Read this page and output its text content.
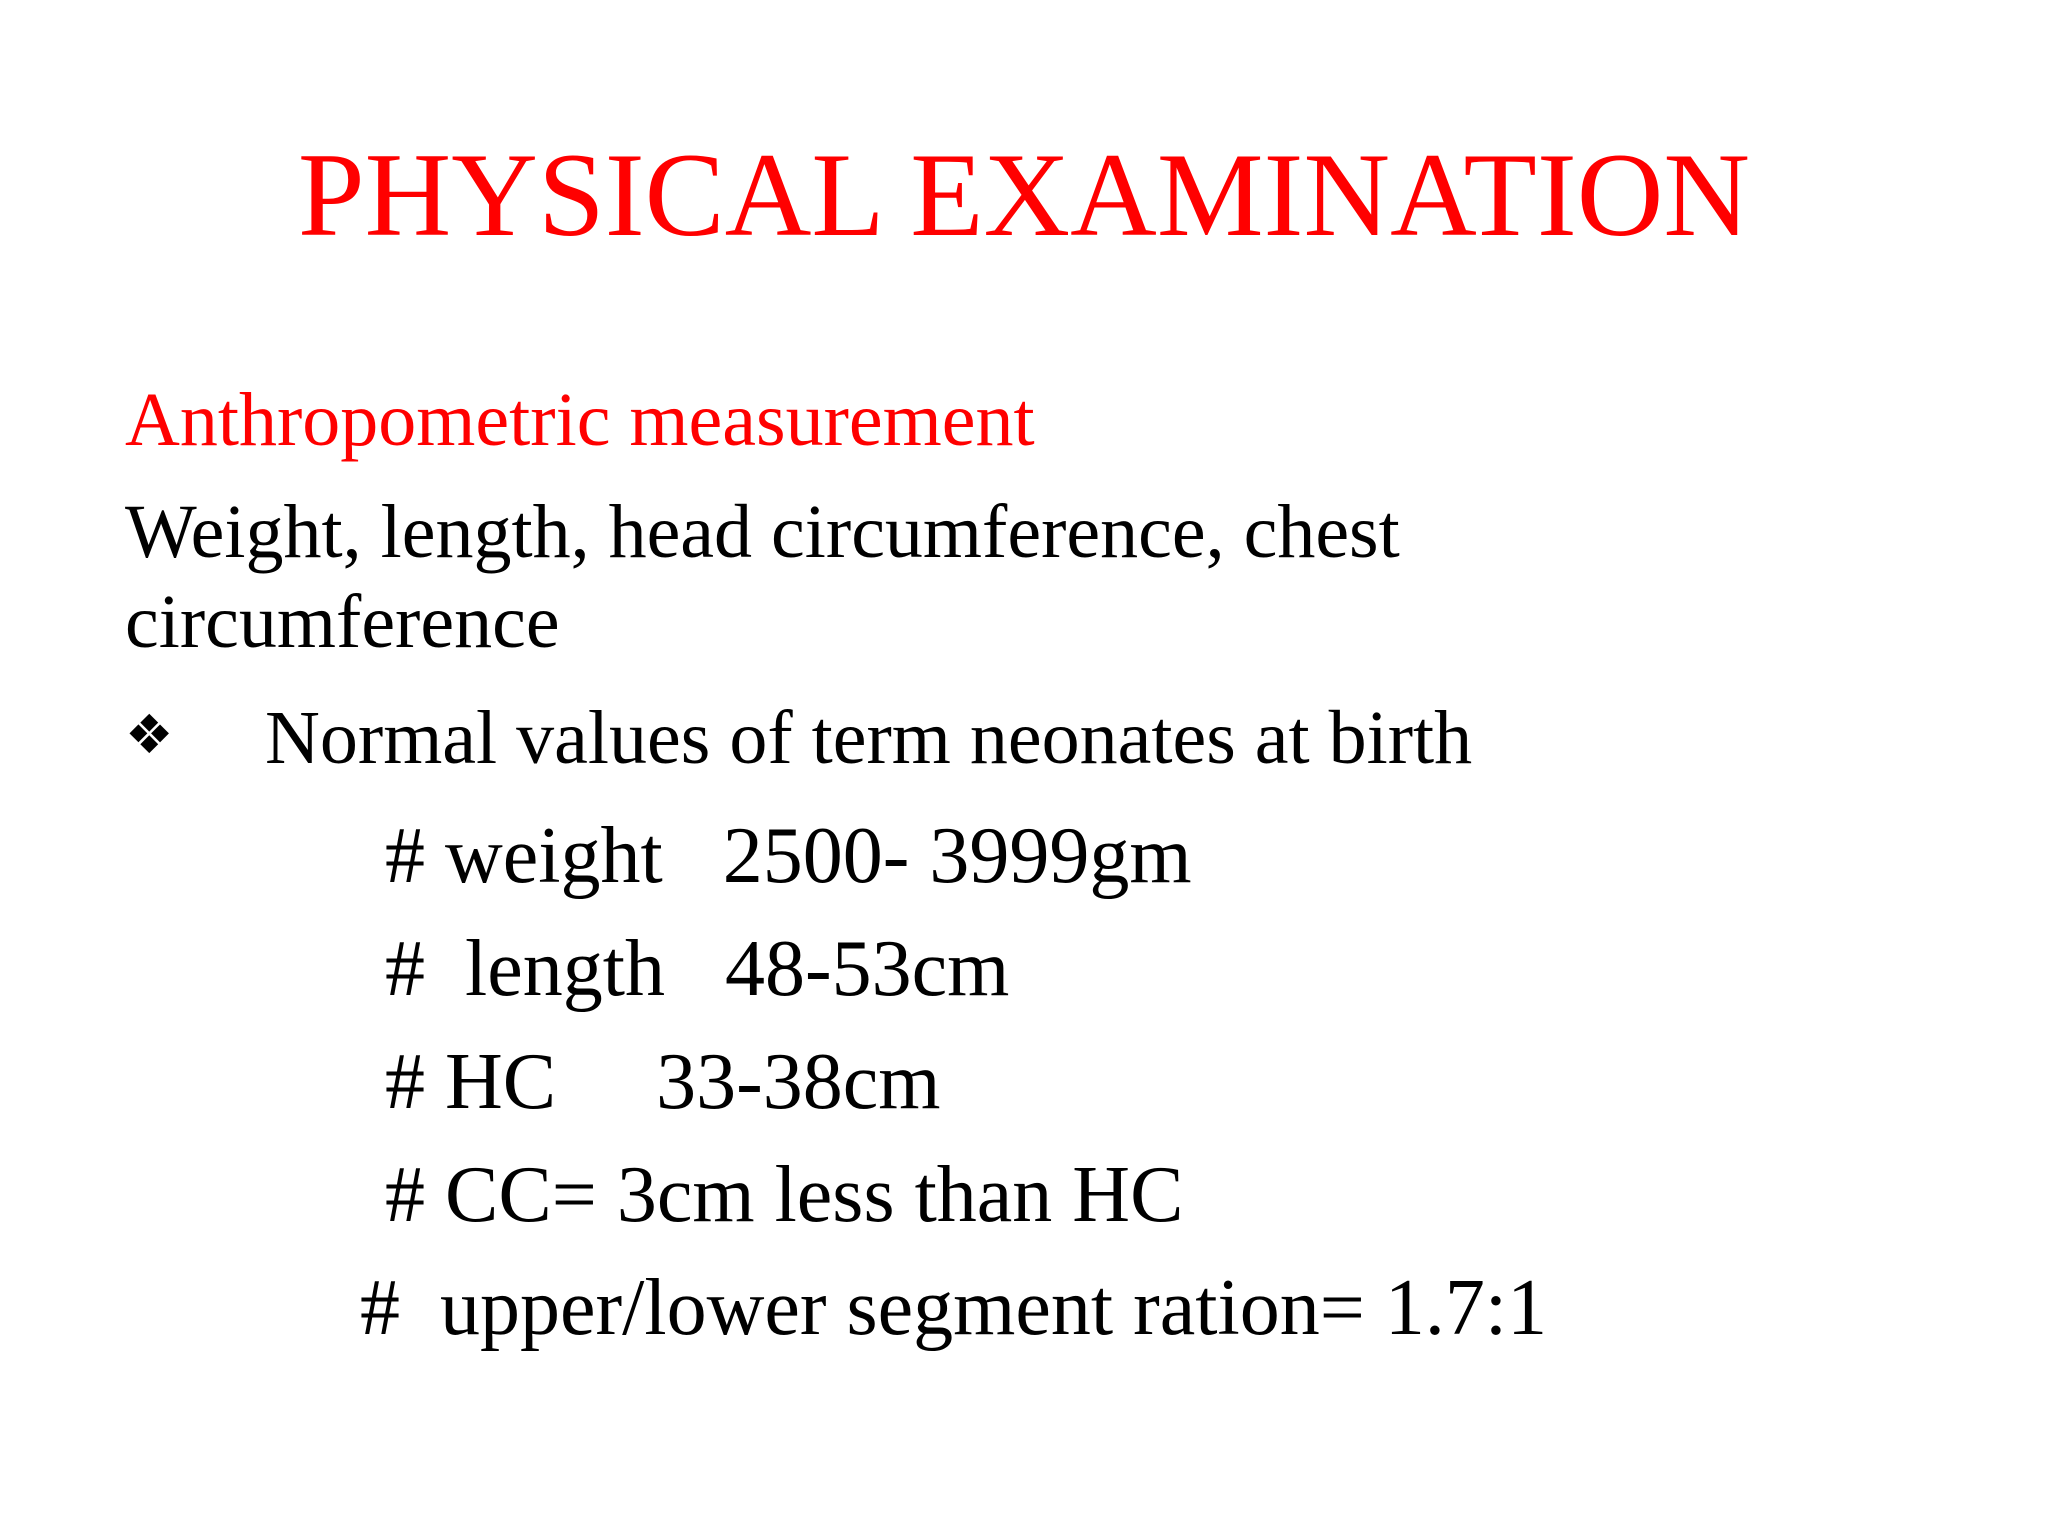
PHYSICAL EXAMINATION
Anthropometric measurement
Weight, length, head circumference, chest circumference
❖ Normal values of term neonates at birth
# weight   2500- 3999gm
#  length   48-53cm
# HC     33-38cm
# CC= 3cm less than HC
#  upper/lower segment ration= 1.7:1
